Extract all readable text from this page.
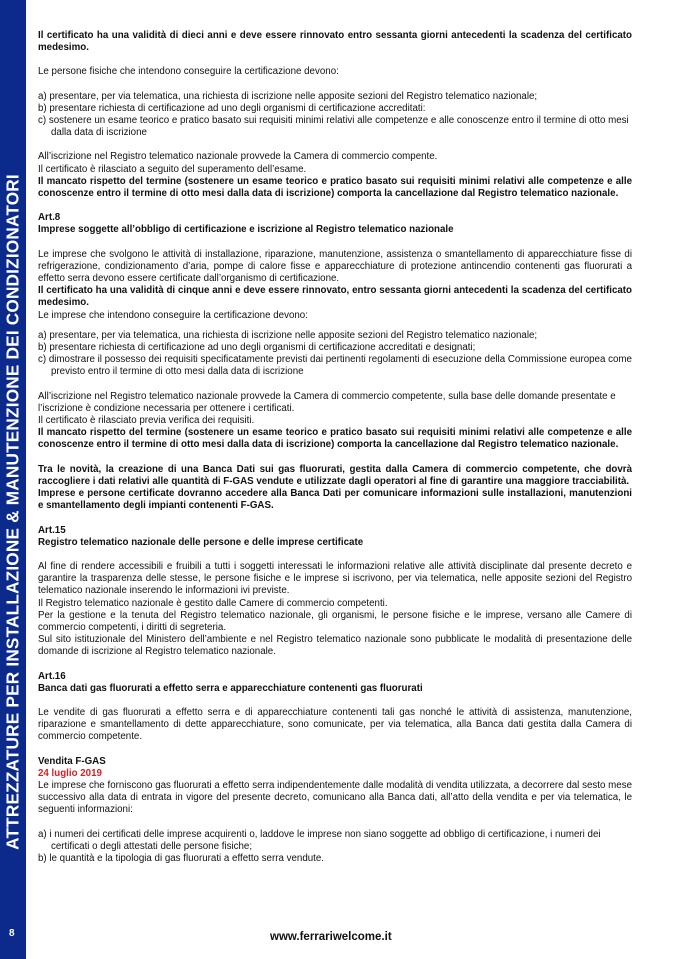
ATTREZZATURE PER INSTALLAZIONE & MANUTENZIONE DEI CONDIZIONATORI
8

Il certificato ha una validità di dieci anni e deve essere rinnovato entro sessanta giorni antecedenti la scadenza del certificato medesimo.

Le persone fisiche che intendono conseguire la certificazione devono:

a) presentare, per via telematica, una richiesta di iscrizione nelle apposite sezioni del Registro telematico nazionale;

b) presentare richiesta di certificazione ad uno degli organismi di certificazione accreditati:

c) sostenere un esame teorico e pratico basato sui requisiti minimi relativi alle competenze e alle conoscenze entro il termine di otto mesi dalla data di iscrizione

All’iscrizione nel Registro telematico nazionale provvede la Camera di commercio compente.

Il certificato è rilasciato a seguito del superamento dell’esame.

Il mancato rispetto del termine (sostenere un esame teorico e pratico basato sui requisiti minimi relativi alle competenze e alle conoscenze entro il termine di otto mesi dalla data di iscrizione) comporta la cancellazione dal Registro telematico nazionale.

Art.8

Imprese soggette all’obbligo di certificazione e iscrizione al Registro telematico nazionale

Le imprese che svolgono le attività di installazione, riparazione, manutenzione, assistenza o smantellamento di apparecchiature fisse di refrigerazione, condizionamento d’aria, pompe di calore fisse e apparecchiature di protezione antincendio contenenti gas fluorurati a effetto serra devono essere certificate dall’organismo di certificazione.

Il certificato ha una validità di cinque anni e deve essere rinnovato, entro sessanta giorni antecedenti la scadenza del certificato medesimo.

Le imprese che intendono conseguire la certificazione devono:

a) presentare, per via telematica, una richiesta di iscrizione nelle apposite sezioni del Registro telematico nazionale;

b) presentare richiesta di certificazione ad uno degli organismi di certificazione accreditati e designati;

c) dimostrare il possesso dei requisiti specificatamente previsti dai pertinenti regolamenti di esecuzione della Commissione europea come previsto entro il termine di otto mesi dalla data di iscrizione

All’iscrizione nel Registro telematico nazionale provvede la Camera di commercio competente, sulla base delle domande presentate e l’iscrizione è condizione necessaria per ottenere i certificati.

Il certificato è rilasciato previa verifica dei requisiti.

Il mancato rispetto del termine (sostenere un esame teorico e pratico basato sui requisiti minimi relativi alle competenze e alle conoscenze entro il termine di otto mesi dalla data di iscrizione) comporta la cancellazione dal Registro telematico nazionale.

Tra le novità, la creazione di una Banca Dati sui gas fluorurati, gestita dalla Camera di commercio competente, che dovrà raccogliere i dati relativi alle quantità di F-GAS vendute e utilizzate dagli operatori al fine di garantire una maggiore tracciabilità.

Imprese e persone certificate dovranno accedere alla Banca Dati per comunicare informazioni sulle installazioni, manutenzioni e smantellamento degli impianti contenenti F-GAS.

Art.15

Registro telematico nazionale delle persone e delle imprese certificate

Al fine di rendere accessibili e fruibili a tutti i soggetti interessati le informazioni relative alle attività disciplinate dal presente decreto e garantire la trasparenza delle stesse, le persone fisiche e le imprese si iscrivono, per via telematica, nelle apposite sezioni del Registro telematico nazionale inserendo le informazioni ivi previste.

Il Registro telematico nazionale è gestito dalle Camere di commercio competenti.

Per la gestione e la tenuta del Registro telematico nazionale, gli organismi, le persone fisiche e le imprese, versano alle Camere di commercio competenti, i diritti di segreteria.

Sul sito istituzionale del Ministero dell’ambiente e nel Registro telematico nazionale sono pubblicate le modalità di presentazione delle domande di iscrizione al Registro telematico nazionale.

Art.16

Banca dati gas fluorurati a effetto serra e apparecchiature contenenti gas fluorurati

Le vendite di gas fluorurati a effetto serra e di apparecchiature contenenti tali gas nonché le attività di assistenza, manutenzione, riparazione e smantellamento di dette apparecchiature, sono comunicate, per via telematica, alla Banca dati gestita dalla Camera di commercio competente.

Vendita F-GAS

24 luglio 2019

Le imprese che forniscono gas fluorurati a effetto serra indipendentemente dalle modalità di vendita utilizzata, a decorrere dal sesto mese successivo alla data di entrata in vigore del presente decreto, comunicano alla Banca dati, all’atto della vendita e per via telematica, le seguenti informazioni:

a) i numeri dei certificati delle imprese acquirenti o, laddove le imprese non siano soggette ad obbligo di certificazione, i numeri dei certificati o degli attestati delle persone fisiche;

b) le quantità e la tipologia di gas fluorurati a effetto serra vendute.

www.ferrariwelcome.it
